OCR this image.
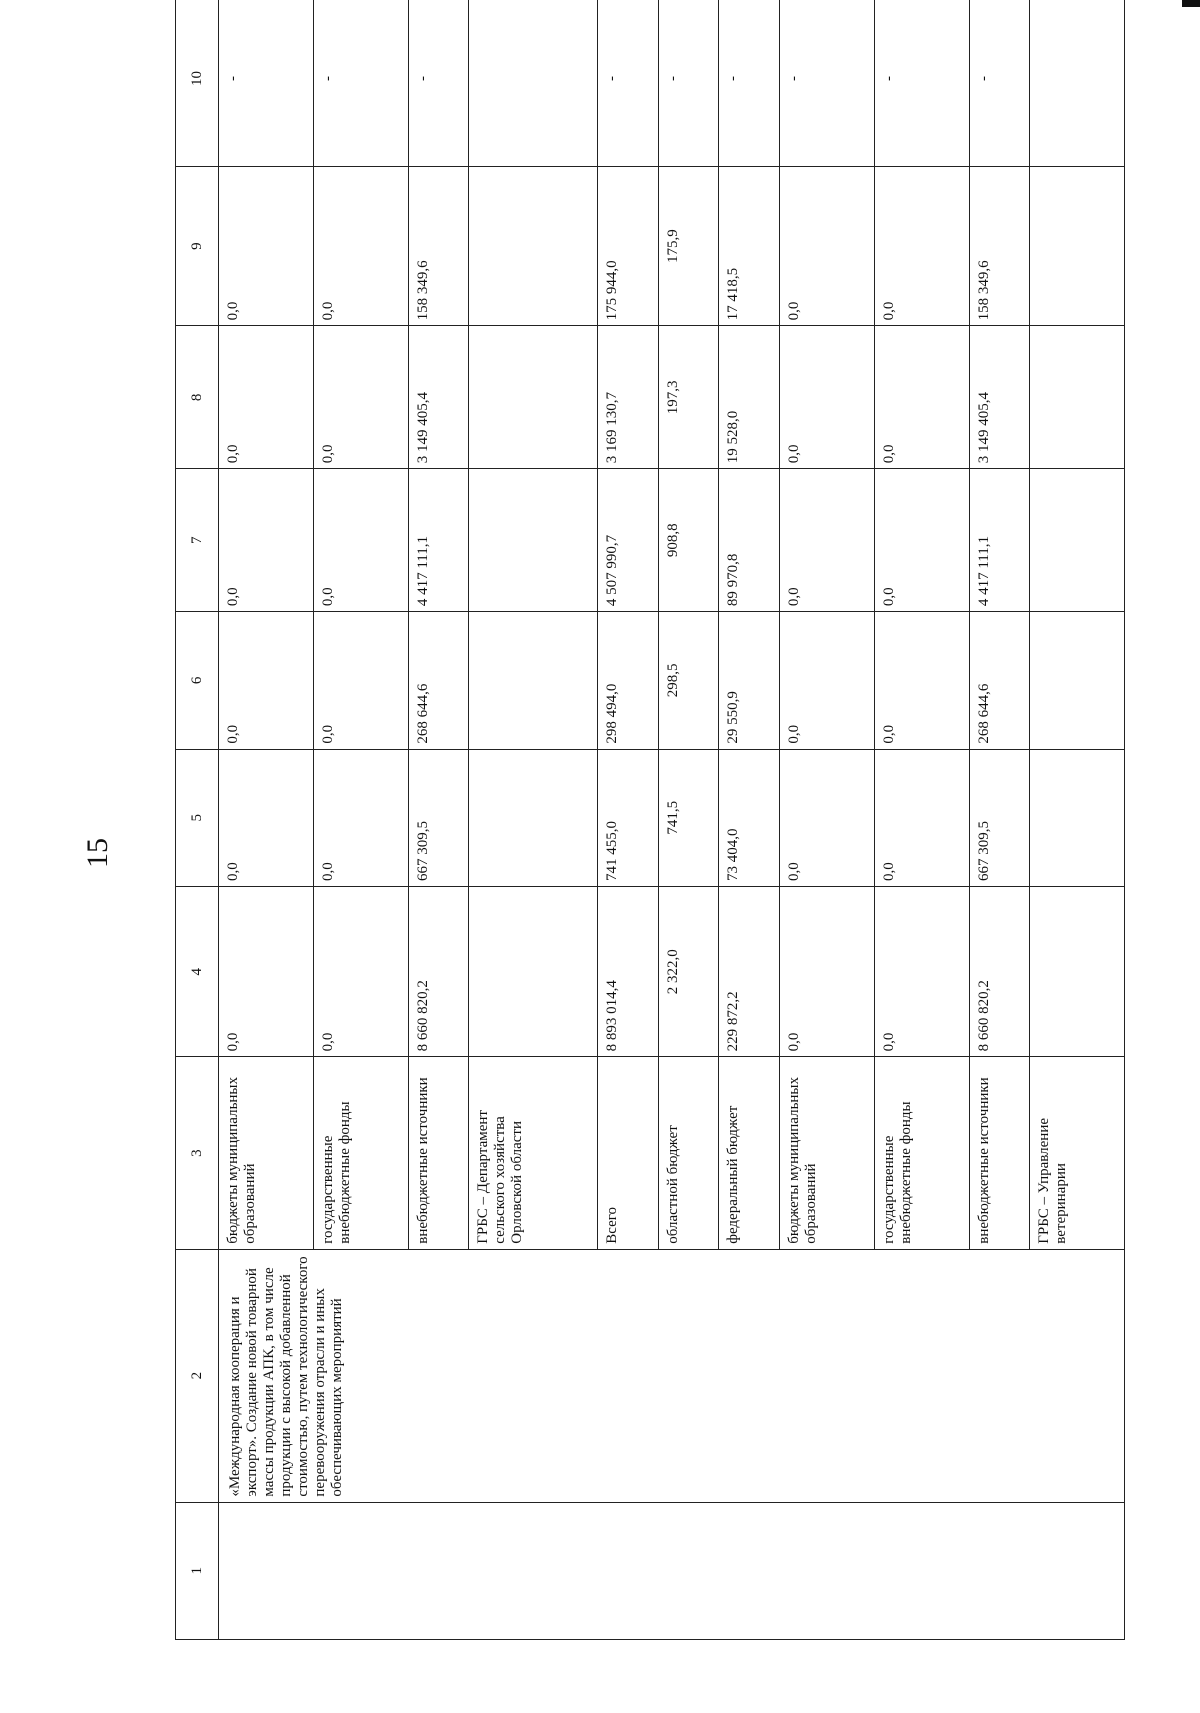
15
1	2	3	4	5	6	7	8	9	10
	«Международная кооперация и экспорт». Создание новой товарной массы продукции АПК, в том числе продукции с высокой добавленной стоимостью, путем технологического перевооружения отрасли и иных обеспечивающих мероприятий	бюджеты муниципальных образований	0,0	0,0	0,0	0,0	0,0	0,0	-
		государственные внебюджетные фонды	0,0	0,0	0,0	0,0	0,0	0,0	-
		внебюджетные источники	8 660 820,2	667 309,5	268 644,6	4 417 111,1	3 149 405,4	158 349,6	-
		ГРБС – Департамент сельского хозяйства Орловской области							
		Всего	8 893 014,4	741 455,0	298 494,0	4 507 990,7	3 169 130,7	175 944,0	-
		областной бюджет	2 322,0	741,5	298,5	908,8	197,3	175,9	-
		федеральный бюджет	229 872,2	73 404,0	29 550,9	89 970,8	19 528,0	17 418,5	-
		бюджеты муниципальных образований	0,0	0,0	0,0	0,0	0,0	0,0	-
		государственные внебюджетные фонды	0,0	0,0	0,0	0,0	0,0	0,0	-
		внебюджетные источники	8 660 820,2	667 309,5	268 644,6	4 417 111,1	3 149 405,4	158 349,6	-
		ГРБС – Управление ветеринарии							
